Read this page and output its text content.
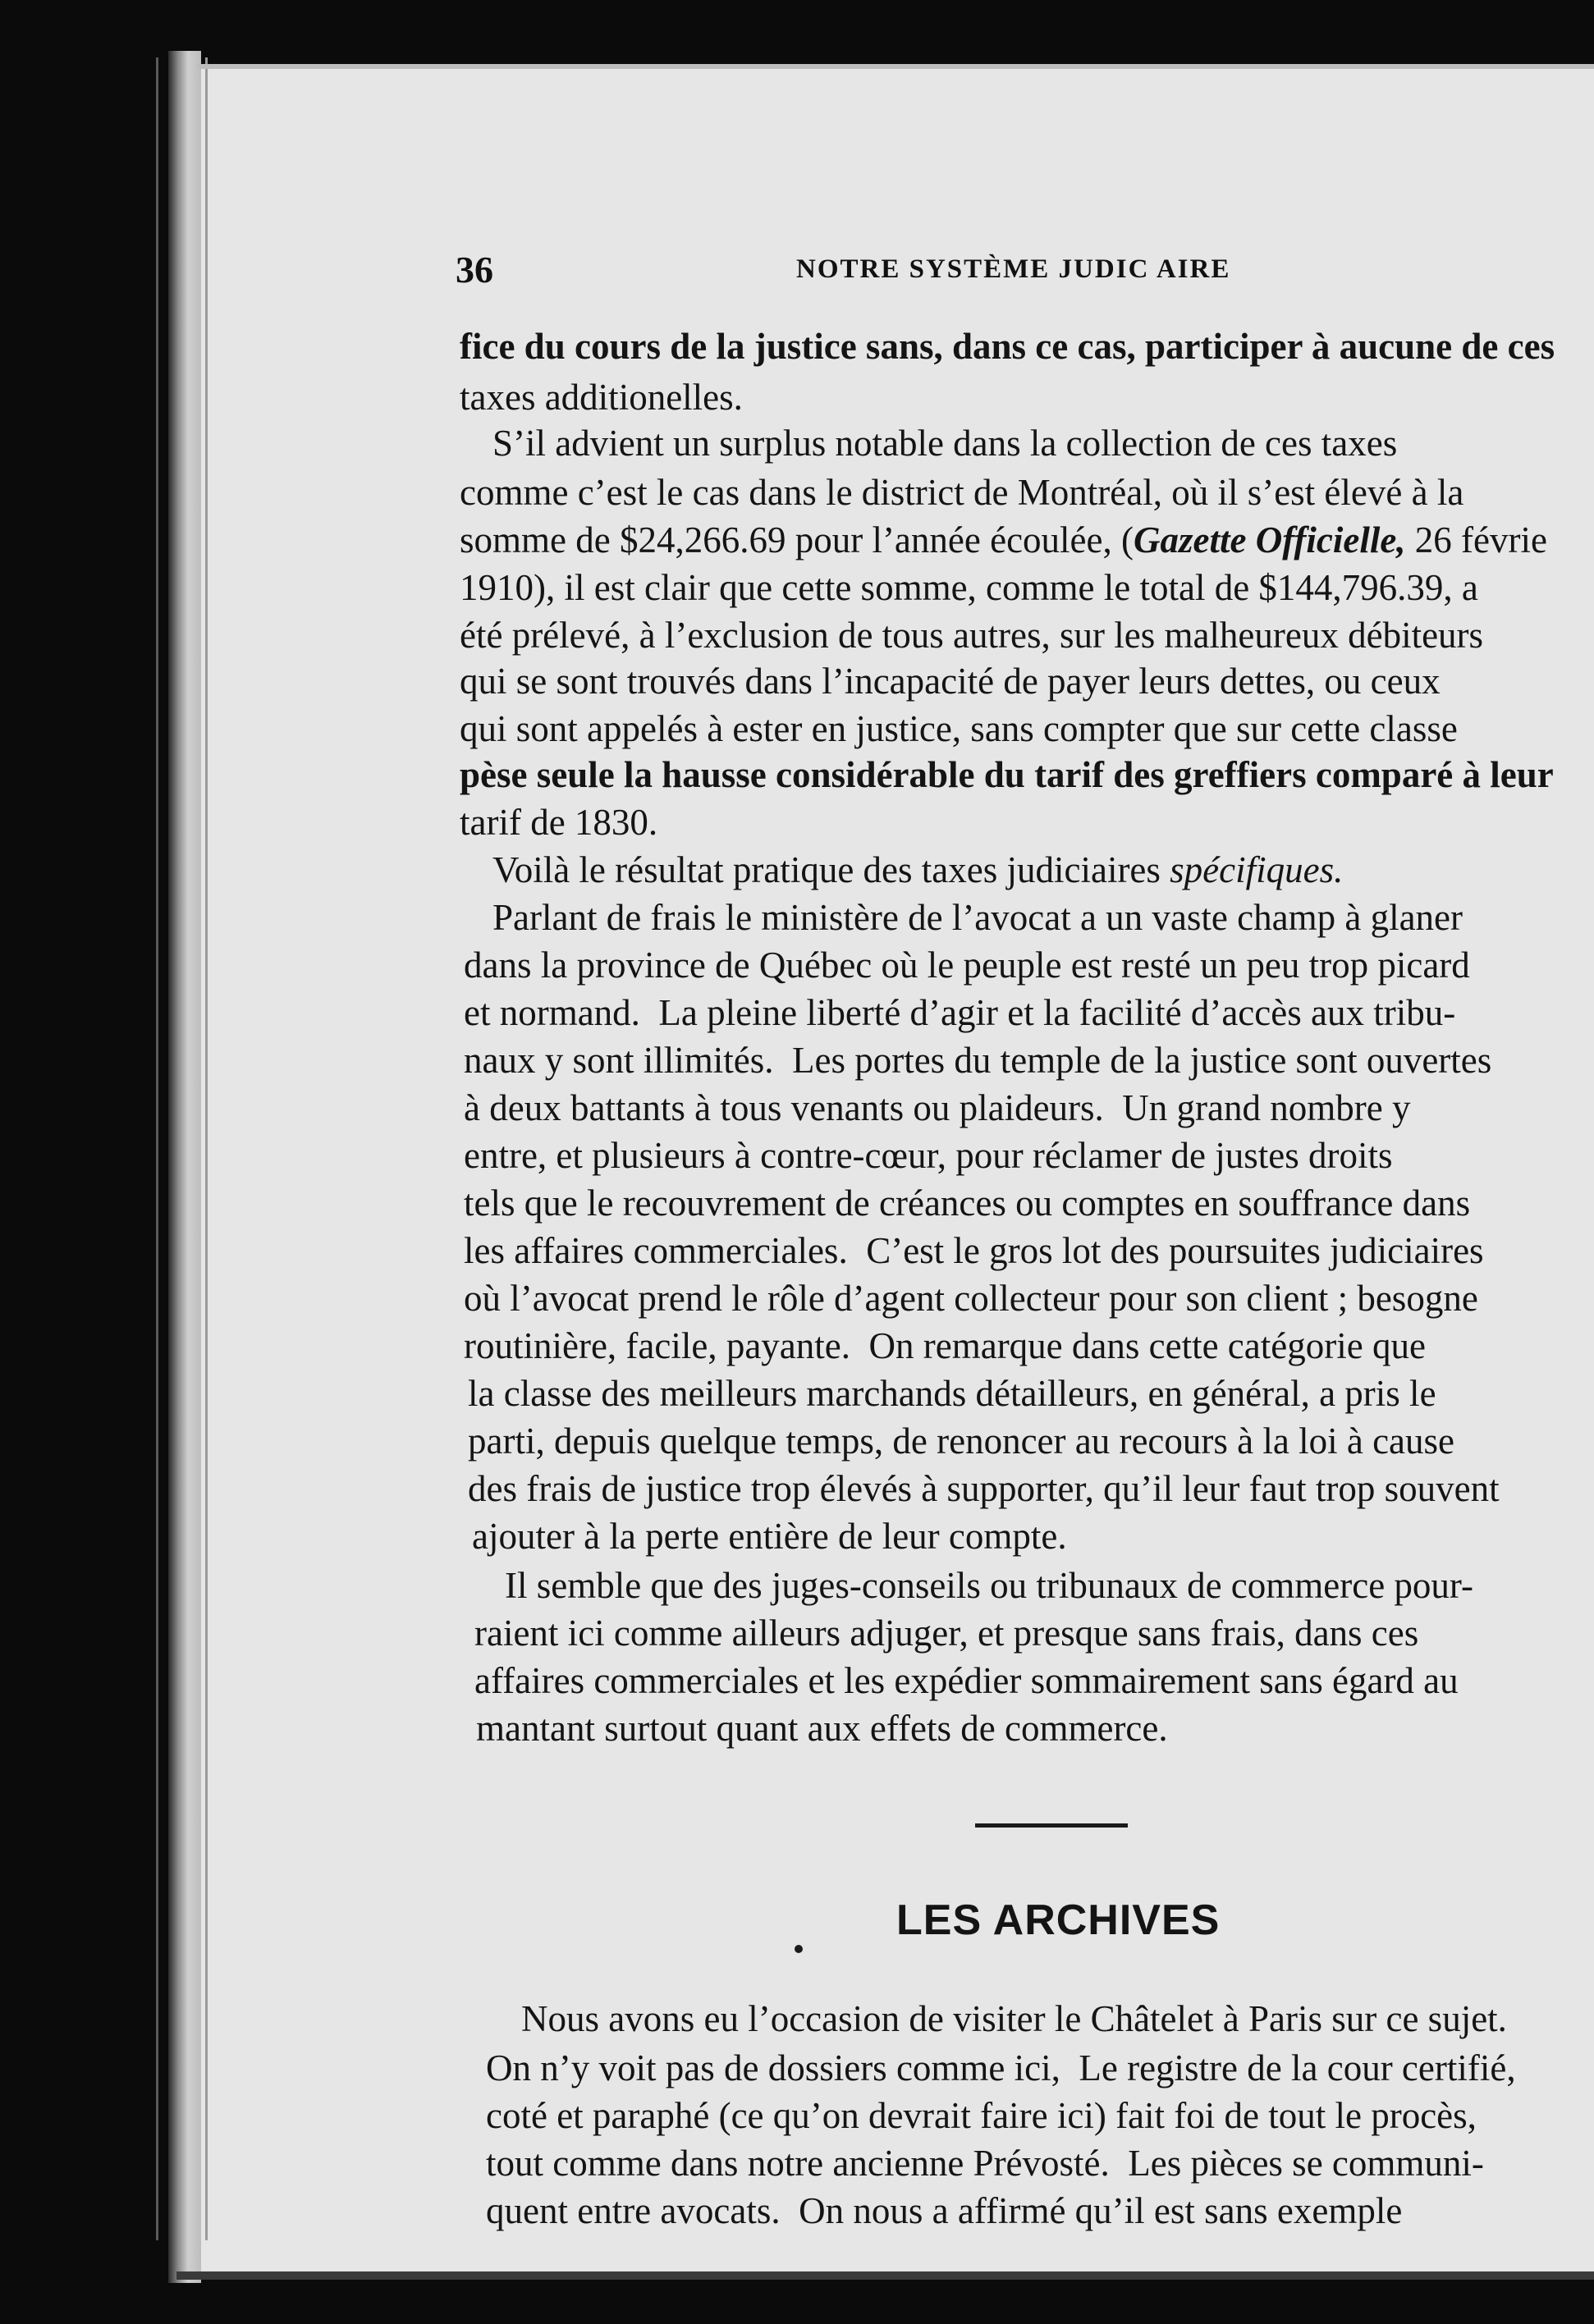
36	NOTRE SYSTÈME JUDIC AIRE
fice du cours de la justice sans, dans ce cas, participer à aucune de ces
taxes additionelles.
S’il advient un surplus notable dans la collection de ces taxes
comme c’est le cas dans le district de Montréal, où il s’est élevé à la
somme de $24,266.69 pour l’année écoulée, (Gazette Officielle, 26 févrie
1910), il est clair que cette somme, comme le total de $144,796.39, a
été prélevé, à l’exclusion de tous autres, sur les malheureux débiteurs
qui se sont trouvés dans l’incapacité de payer leurs dettes, ou ceux
qui sont appelés à ester en justice, sans compter que sur cette classe
pèse seule la hausse considérable du tarif des greffiers comparé à leur
tarif de 1830.
Voilà le résultat pratique des taxes judiciaires spécifiques.
Parlant de frais le ministère de l’avocat a un vaste champ à glaner
dans la province de Québec où le peuple est resté un peu trop picard
et normand.  La pleine liberté d’agir et la facilité d’accès aux tribu-
naux y sont illimités.  Les portes du temple de la justice sont ouvertes
à deux battants à tous venants ou plaideurs.  Un grand nombre y
entre, et plusieurs à contre-cœur, pour réclamer de justes droits
tels que le recouvrement de créances ou comptes en souffrance dans
les affaires commerciales.  C’est le gros lot des poursuites judiciaires
où l’avocat prend le rôle d’agent collecteur pour son client ; besogne
routinière, facile, payante.  On remarque dans cette catégorie que
la classe des meilleurs marchands détailleurs, en général, a pris le
parti, depuis quelque temps, de renoncer au recours à la loi à cause
des frais de justice trop élevés à supporter, qu’il leur faut trop souvent
ajouter à la perte entière de leur compte.
Il semble que des juges-conseils ou tribunaux de commerce pour-
raient ici comme ailleurs adjuger, et presque sans frais, dans ces
affaires commerciales et les expédier sommairement sans égard au
mantant surtout quant aux effets de commerce.
LES ARCHIVES
Nous avons eu l’occasion de visiter le Châtelet à Paris sur ce sujet.
On n’y voit pas de dossiers comme ici,  Le registre de la cour certifié,
coté et paraphé (ce qu’on devrait faire ici) fait foi de tout le procès,
tout comme dans notre ancienne Prévosté.  Les pièces se communi-
quent entre avocats.  On nous a affirmé qu’il est sans exemple
